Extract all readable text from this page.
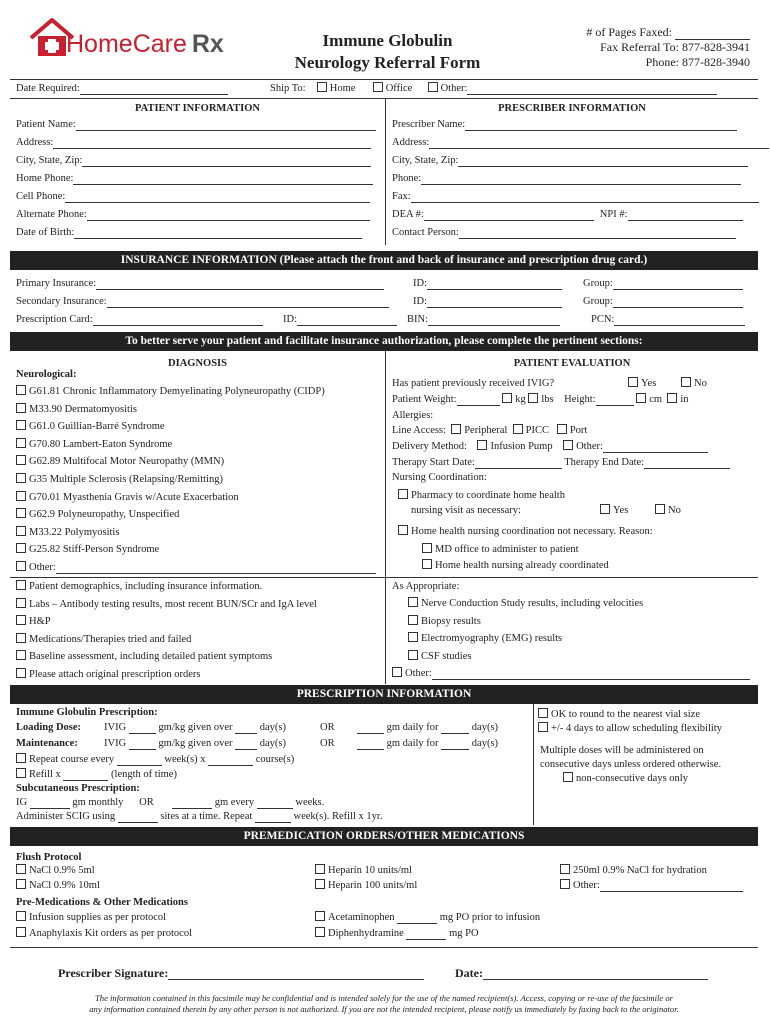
HomeCare Rx	Immune Globulin
Neurology Referral Form
# of Pages Faxed:
Fax Referral To: 877-828-3941
Phone: 877-828-3940
Date Required:	Ship To: Home	Office	Other:
PATIENT INFORMATION
Patient Name:
Address:
City, State, Zip:
Home Phone:
Cell Phone:
Alternate Phone:
Date of Birth:
PRESCRIBER INFORMATION
Prescriber Name:
Address:
City, State, Zip:
Phone:
Fax:
DEA #:	NPI #:
Contact Person:
INSURANCE INFORMATION (Please attach the front and back of insurance and prescription drug card.)
Primary Insurance:	ID:	Group:
Secondary Insurance:	ID:	Group:
Prescription Card:	ID:	BIN:	PCN:
To better serve your patient and facilitate insurance authorization, please complete the pertinent sections:
DIAGNOSIS
Neurological:
G61.81 Chronic Inflammatory Demyelinating Polyneuropathy (CIDP)
M33.90 Dermatomyositis
G61.0 Guillian-Barré Syndrome
G70.80 Lambert-Eaton Syndrome
G62.89 Multifocal Motor Neuropathy (MMN)
G35 Multiple Sclerosis (Relapsing/Remitting)
G70.01 Myasthenia Gravis w/Acute Exacerbation
G62.9 Polyneuropathy, Unspecified
M33.22 Polymyositis
G25.82 Stiff-Person Syndrome
Other:
PATIENT EVALUATION
Has patient previously received IVIG?	Yes	No
Patient Weight:	kg lbs Height:	cm in
Allergies:
Line Access: Peripheral PICC Port
Delivery Method: Infusion Pump Other:
Therapy Start Date:	Therapy End Date:
Nursing Coordination:
Pharmacy to coordinate home health
nursing visit as necessary:	Yes	No
Home health nursing coordination not necessary. Reason:
MD office to administer to patient
Home health nursing already coordinated
Patient demographics, including insurance information.
Labs – Antibody testing results, most recent BUN/SCr and IgA level
H&P
Medications/Therapies tried and failed
Baseline assessment, including detailed patient symptoms
Please attach original prescription orders
As Appropriate:
Nerve Conduction Study results, including velocities
Biopsy results
Electromyography (EMG) results
CSF studies
Other:
PRESCRIPTION INFORMATION
Immune Globulin Prescription:
Loading Dose: IVIG	gm/kg given over	day(s)	OR	gm daily for	day(s)
Maintenance: IVIG	gm/kg given over	day(s)	OR	gm daily for	day(s)
Repeat course every	week(s) x	course(s)
Refill x	(length of time)
Subcutaneous Prescription:
IG	gm monthly OR	gm every	weeks.
Administer SCIG using	sites at a time. Repeat	week(s). Refill x 1yr.
OK to round to the nearest vial size
+/- 4 days to allow scheduling flexibility
Multiple doses will be administered on
consecutive days unless ordered otherwise.
non-consecutive days only
PREMEDICATION ORDERS/OTHER MEDICATIONS
Flush Protocol
NaCl 0.9% 5ml
NaCl 0.9% 10ml
Heparin 10 units/ml
Heparin 100 units/ml
250ml 0.9% NaCl for hydration
Other:
Pre-Medications & Other Medications
Infusion supplies as per protocol
Anaphylaxis Kit orders as per protocol
Acetaminophen	mg PO prior to infusion
Diphenhydramine	mg PO
Prescriber Signature:	Date:
The information contained in this facsimile may be confidential and is intended solely for the use of the named recipient(s). Access, copying or re-use of the facsimile or
any information contained therein by any other person is not authorized. If you are not the intended recipient, please notify us immediately by faxing back to the originator.
